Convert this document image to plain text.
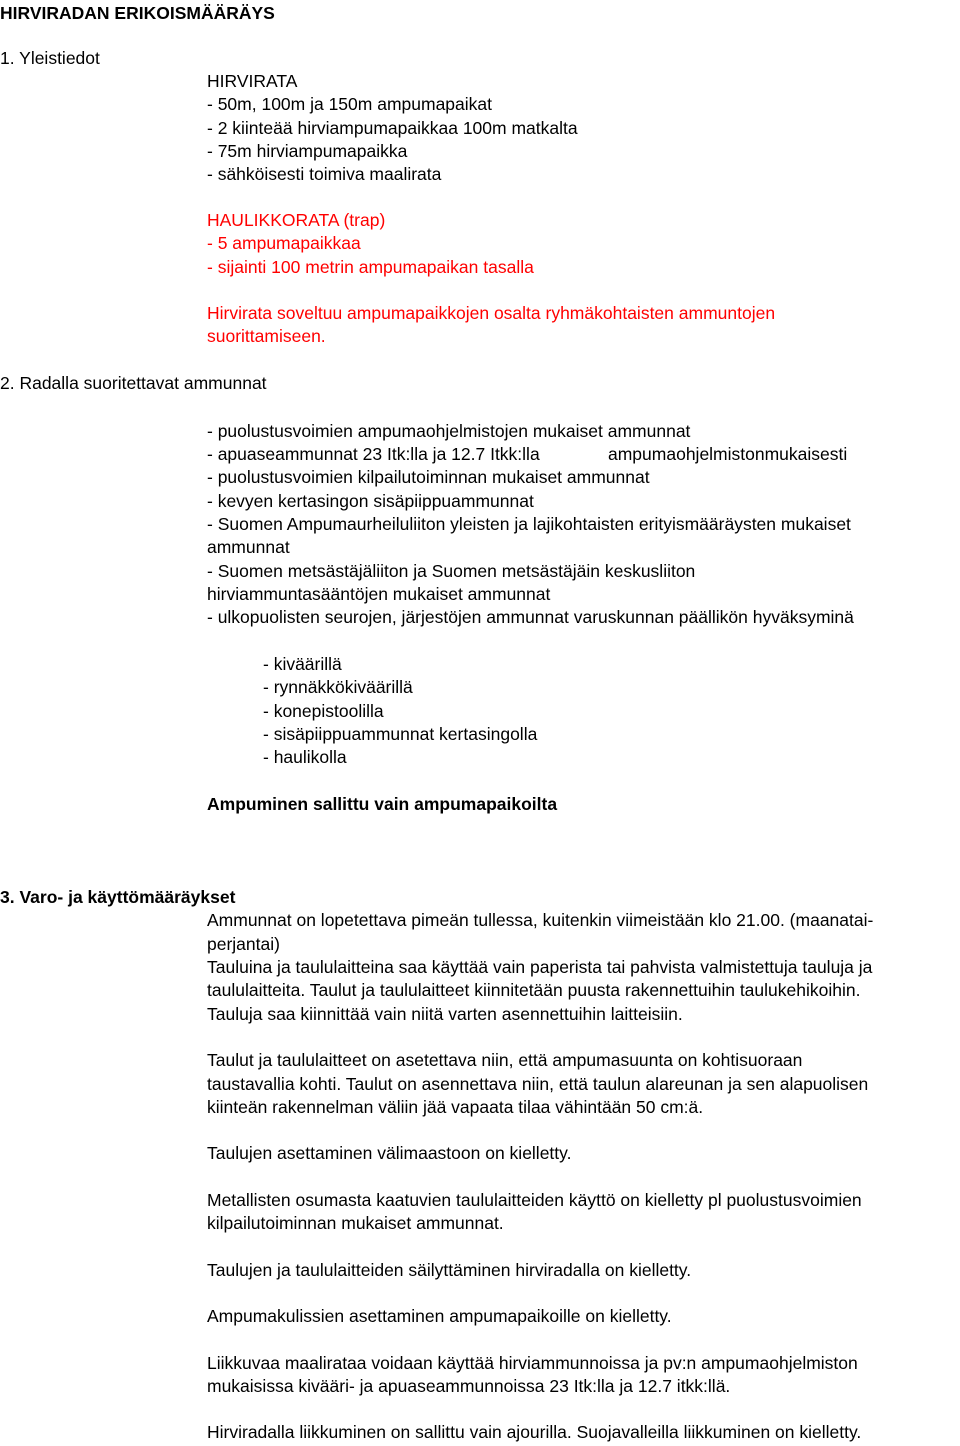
HIRVIRADAN ERIKOISMÄÄRÄYS
1. Yleistiedot
HIRVIRATA
- 50m, 100m ja 150m ampumapaikat
- 2 kiinteää hirviampumapaikkaa 100m matkalta
- 75m hirviampumapaikka
- sähköisesti toimiva maalirata
HAULIKKORATA (trap)
- 5 ampumapaikkaa
- sijainti 100 metrin ampumapaikan tasalla
Hirvirata soveltuu ampumapaikkojen osalta ryhmäkohtaisten ammuntojen
suorittamiseen.
2. Radalla suoritettavat ammunnat
- puolustusvoimien ampumaohjelmistojen mukaiset ammunnat
- apuaseammunnat 23 Itk:lla ja 12.7 Itkk:lla	ampumaohjelmistonmukaisesti
- puolustusvoimien kilpailutoiminnan mukaiset ammunnat
- kevyen kertasingon sisäpiippuammunnat
- Suomen Ampumaurheiluliiton yleisten ja lajikohtaisten erityismääräysten mukaiset
ammunnat
- Suomen metsästäjäliiton ja Suomen metsästäjäin keskusliiton
hirviammuntasääntöjen mukaiset ammunnat
- ulkopuolisten seurojen, järjestöjen ammunnat varuskunnan päällikön hyväksyminä
- kiväärillä
- rynnäkkökiväärillä
- konepistoolilla
- sisäpiippuammunnat kertasingolla
- haulikolla
Ampuminen sallittu vain ampumapaikoilta
3. Varo- ja käyttömääräykset
Ammunnat on lopetettava pimeän tullessa, kuitenkin viimeistään klo 21.00. (maanatai-
perjantai)
Tauluina ja taululaitteina saa käyttää vain paperista tai pahvista valmistettuja tauluja ja
taululaitteita. Taulut ja taululaitteet kiinnitetään puusta rakennettuihin taulukehikoihin.
Tauluja saa kiinnittää vain niitä varten asennettuihin laitteisiin.
Taulut ja taululaitteet on asetettava niin, että ampumasuunta on kohtisuoraan
taustavallia kohti. Taulut on asennettava niin, että taulun alareunan ja sen alapuolisen
kiinteän rakennelman väliin jää vapaata tilaa vähintään 50 cm:ä.
Taulujen asettaminen välimaastoon on kielletty.
Metallisten osumasta kaatuvien taululaitteiden käyttö on kielletty pl puolustusvoimien
kilpailutoiminnan mukaiset ammunnat.
Taulujen ja taululaitteiden säilyttäminen hirviradalla on kielletty.
Ampumakulissien asettaminen ampumapaikoille on kielletty.
Liikkuvaa maalirataa voidaan käyttää hirviammunnoissa ja pv:n ampumaohjelmiston
mukaisissa kivääri- ja apuaseammunnoissa 23 Itk:lla ja 12.7 itkk:llä.
Hirviradalla liikkuminen on sallittu vain ajourilla. Suojavalleilla liikkuminen on kielletty.
